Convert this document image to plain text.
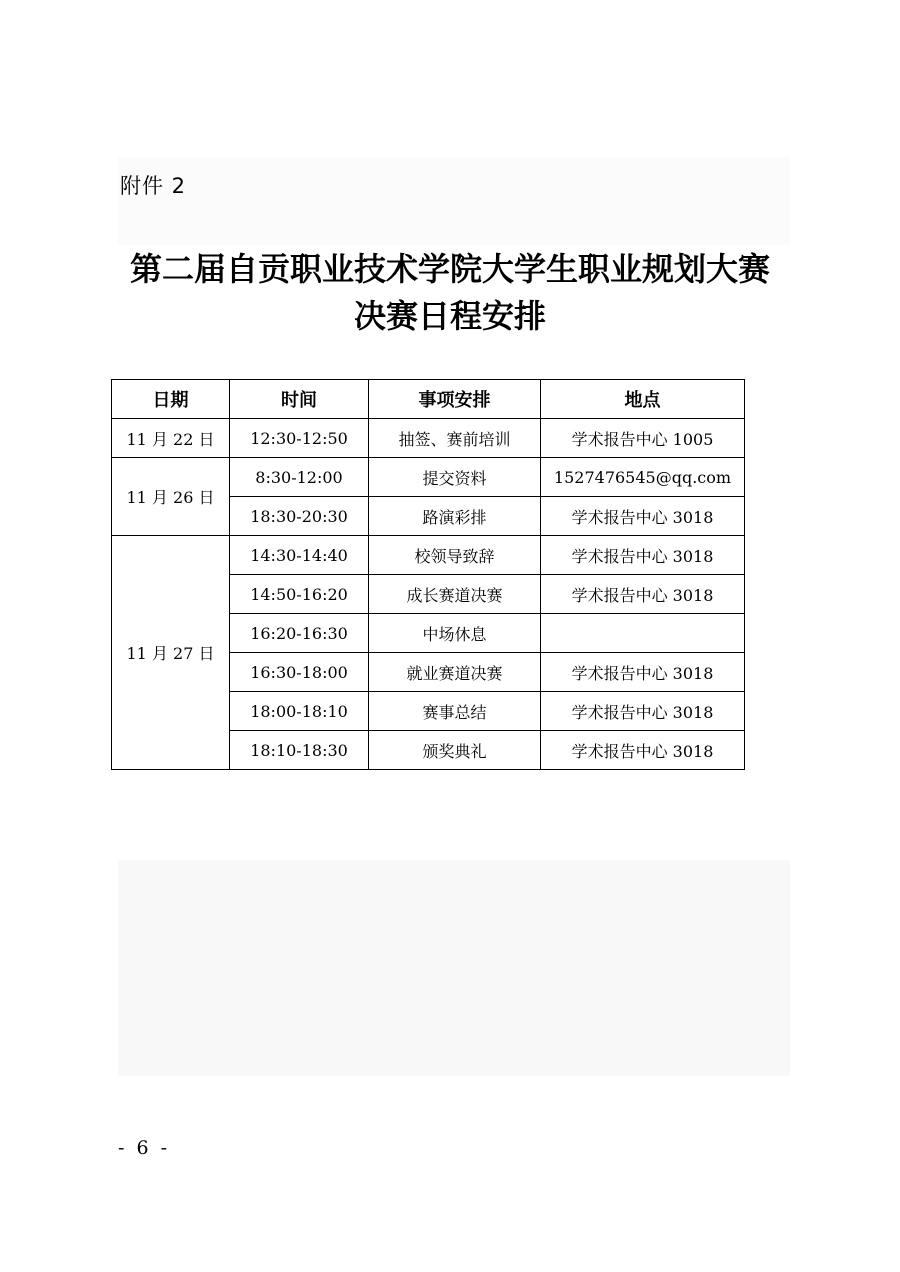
附件 2
第二届自贡职业技术学院大学生职业规划大赛
决赛日程安排
日期	时间	事项安排	地点
11 月 22 日	12:30-12:50	抽签、赛前培训	学术报告中心 1005
11 月 26 日	8:30-12:00	提交资料	1527476545@qq.com
	18:30-20:30	路演彩排	学术报告中心 3018
11 月 27 日	14:30-14:40	校领导致辞	学术报告中心 3018
	14:50-16:20	成长赛道决赛	学术报告中心 3018
	16:20-16:30	中场休息	
	16:30-18:00	就业赛道决赛	学术报告中心 3018
	18:00-18:10	赛事总结	学术报告中心 3018
	18:10-18:30	颁奖典礼	学术报告中心 3018
- 6 -
